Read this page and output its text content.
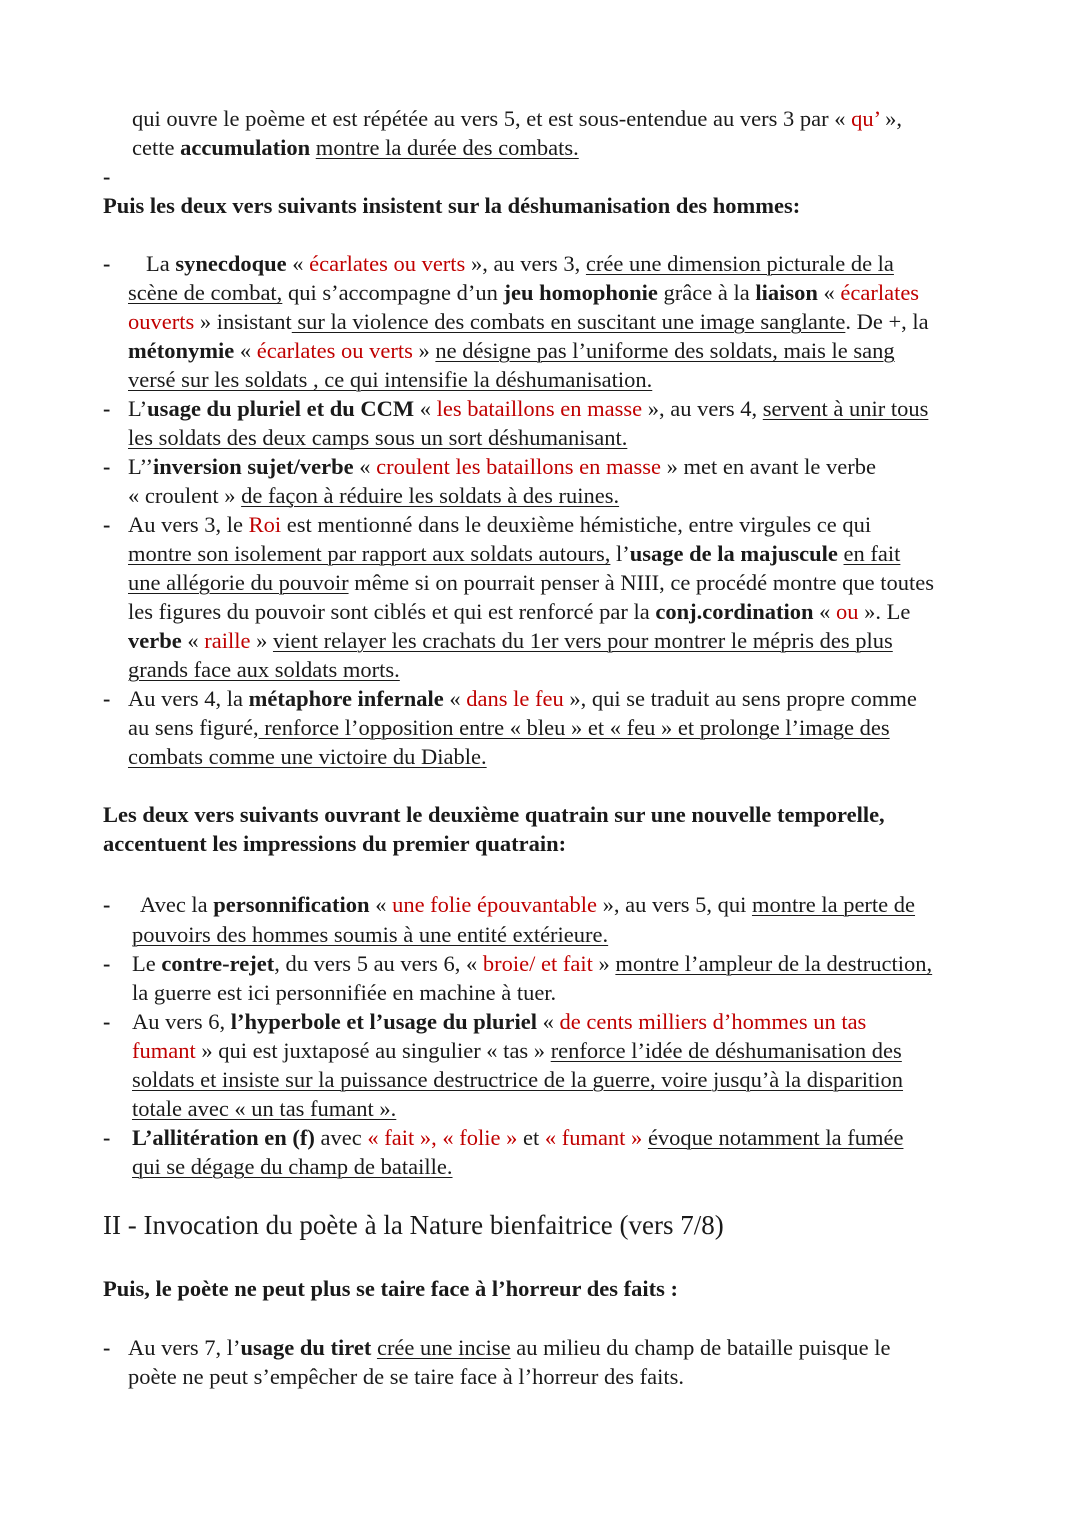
qui ouvre le poème et est répétée au vers 5, et est sous-entendue au vers 3 par « qu’ »,
cette accumulation montre la durée des combats.
-
Puis les deux vers suivants insistent sur la déshumanisation des hommes:
- La synecdoque « écarlates ou verts », au vers 3, crée une dimension picturale de la
scène de combat, qui s’accompagne d’un jeu homophonie grâce à la liaison « écarlates
ouverts » insistant sur la violence des combats en suscitant une image sanglante. De +, la
métonymie « écarlates ou verts » ne désigne pas l’uniforme des soldats, mais le sang
versé sur les soldats , ce qui intensifie la déshumanisation.
- L’usage du pluriel et du CCM « les bataillons en masse », au vers 4, servent à unir tous
les soldats des deux camps sous un sort déshumanisant.
- L’’inversion sujet/verbe « croulent les bataillons en masse » met en avant le verbe
« croulent » de façon à réduire les soldats à des ruines.
- Au vers 3, le Roi est mentionné dans le deuxième hémistiche, entre virgules ce qui
montre son isolement par rapport aux soldats autours, l’usage de la majuscule en fait
une allégorie du pouvoir même si on pourrait penser à NIII, ce procédé montre que toutes
les figures du pouvoir sont ciblés et qui est renforcé par la conj.cordination « ou ». Le
verbe « raille » vient relayer les crachats du 1er vers pour montrer le mépris des plus
grands face aux soldats morts.
- Au vers 4, la métaphore infernale « dans le feu », qui se traduit au sens propre comme
au sens figuré, renforce l’opposition entre « bleu » et « feu » et prolonge l’image des
combats comme une victoire du Diable.
Les deux vers suivants ouvrant le deuxième quatrain sur une nouvelle temporelle,
accentuent les impressions du premier quatrain:
- Avec la personnification « une folie épouvantable », au vers 5, qui montre la perte de
pouvoirs des hommes soumis à une entité extérieure.
- Le contre-rejet, du vers 5 au vers 6, « broie/ et fait » montre l’ampleur de la destruction,
la guerre est ici personnifiée en machine à tuer.
- Au vers 6, l’hyperbole et l’usage du pluriel « de cents milliers d’hommes un tas
fumant » qui est juxtaposé au singulier « tas » renforce l’idée de déshumanisation des
soldats et insiste sur la puissance destructrice de la guerre, voire jusqu’à la disparition
totale avec « un tas fumant ».
- L’allitération en (f) avec « fait », « folie » et « fumant » évoque notamment la fumée
qui se dégage du champ de bataille.
II - Invocation du poète à la Nature bienfaitrice (vers 7/8)
Puis, le poète ne peut plus se taire face à l’horreur des faits :
- Au vers 7, l’usage du tiret crée une incise au milieu du champ de bataille puisque le
poète ne peut s’empêcher de se taire face à l’horreur des faits.
